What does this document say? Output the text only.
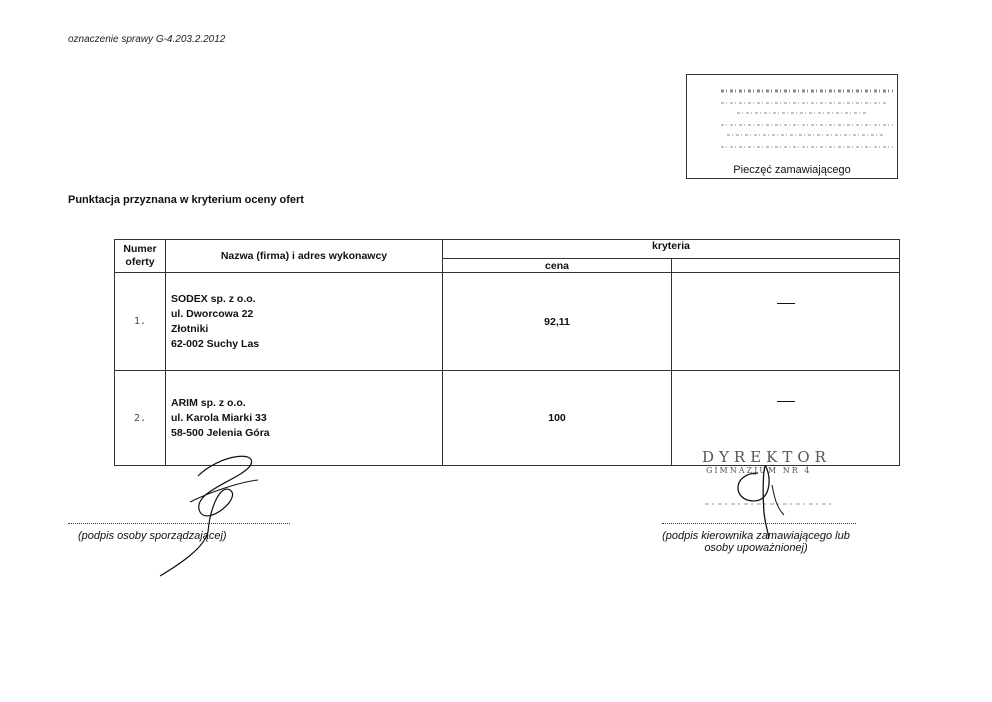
oznaczenie sprawy G-4.203.2.2012
Pieczęć zamawiającego
Punktacja przyznana w kryterium oceny ofert
Numer
oferty	Nazwa (firma) i adres wykonawcy	kryteria	
		cena	
1.	SODEX sp. z o.o.
ul. Dworcowa 22
Złotniki
62-002 Suchy Las	92,11	
2.	ARIM sp. z o.o.
ul. Karola Miarki 33
58-500 Jelenia Góra	100	
(podpis osoby sporządzającej)
DYREKTOR
GIMNAZJUM NR 4
(podpis kierownika zamawiającego lub
osoby upoważnionej)
